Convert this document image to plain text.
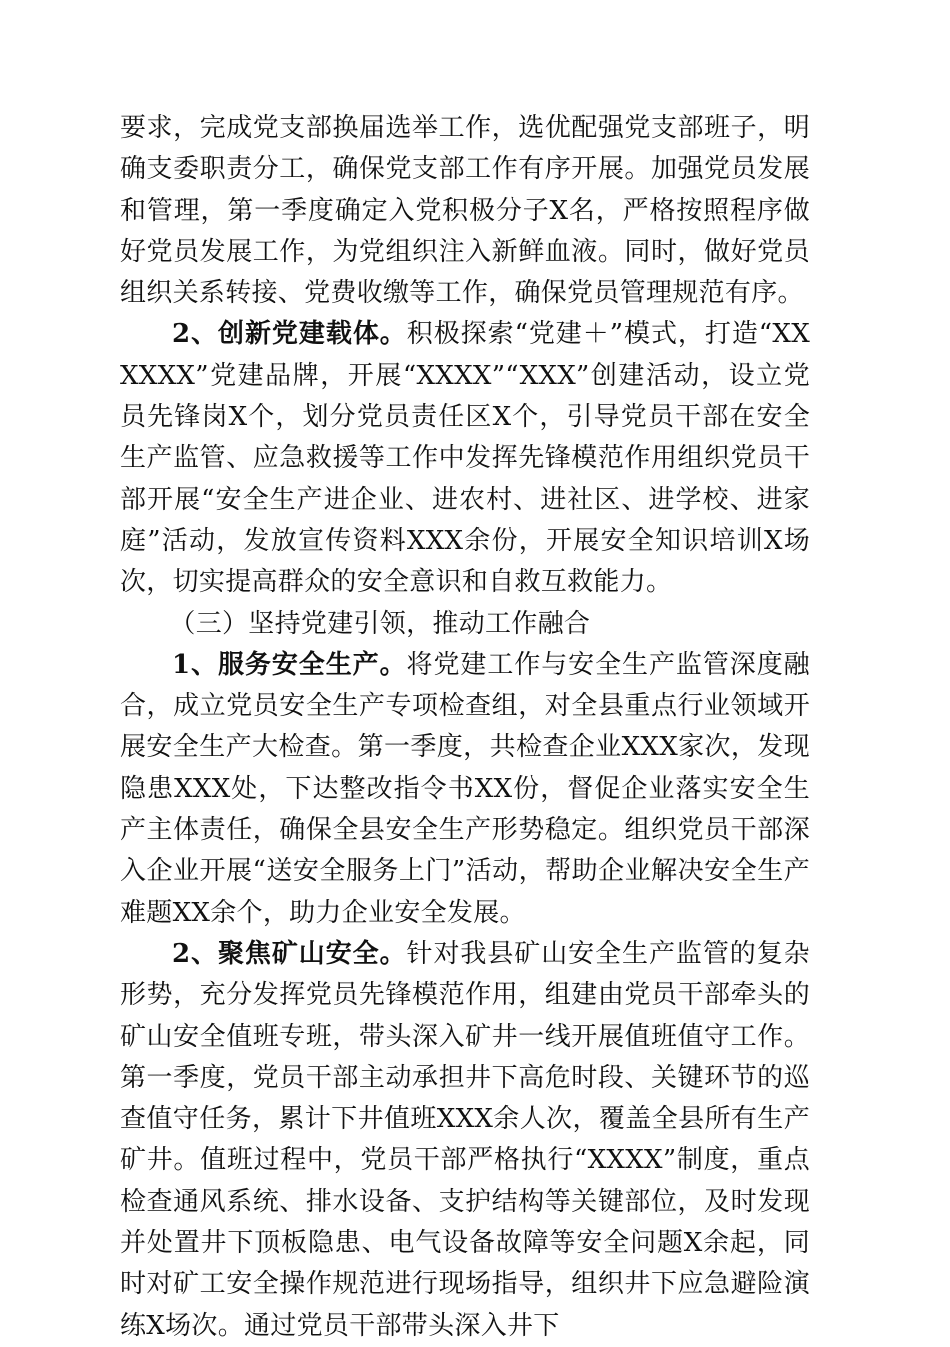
要求，完成党支部换届选举工作，选优配强党支部班子，明确支委职责分工，确保党支部工作有序开展。加强党员发展和管理，第一季度确定入党积极分子X名，严格按照程序做好党员发展工作，为党组织注入新鲜血液。同时，做好党员组织关系转接、党费收缴等工作，确保党员管理规范有序。

2、创新党建载体。积极探索“党建＋”模式，打造“XXXXXX”党建品牌，开展“XXXX”“XXX”创建活动，设立党员先锋岗X个，划分党员责任区X个，引导党员干部在安全生产监管、应急救援等工作中发挥先锋模范作用组织党员干部开展“安全生产进企业、进农村、进社区、进学校、进家庭”活动，发放宣传资料XXX余份，开展安全知识培训X场次，切实提高群众的安全意识和自救互救能力。

（三）坚持党建引领，推动工作融合

1、服务安全生产。将党建工作与安全生产监管深度融合，成立党员安全生产专项检查组，对全县重点行业领域开展安全生产大检查。第一季度，共检查企业XXX家次，发现隐患XXX处，下达整改指令书XX份，督促企业落实安全生产主体责任，确保全县安全生产形势稳定。组织党员干部深入企业开展“送安全服务上门”活动，帮助企业解决安全生产难题XX余个，助力企业安全发展。

2、聚焦矿山安全。针对我县矿山安全生产监管的复杂形势，充分发挥党员先锋模范作用，组建由党员干部牵头的矿山安全值班专班，带头深入矿井一线开展值班值守工作。第一季度，党员干部主动承担井下高危时段、关键环节的巡查值守任务，累计下井值班XXX余人次，覆盖全县所有生产矿井。值班过程中，党员干部严格执行“XXXX”制度，重点检查通风系统、排水设备、支护结构等关键部位，及时发现并处置井下顶板隐患、电气设备故障等安全问题X余起，同时对矿工安全操作规范进行现场指导，组织井下应急避险演练X场次。通过党员干部带头深入井下
